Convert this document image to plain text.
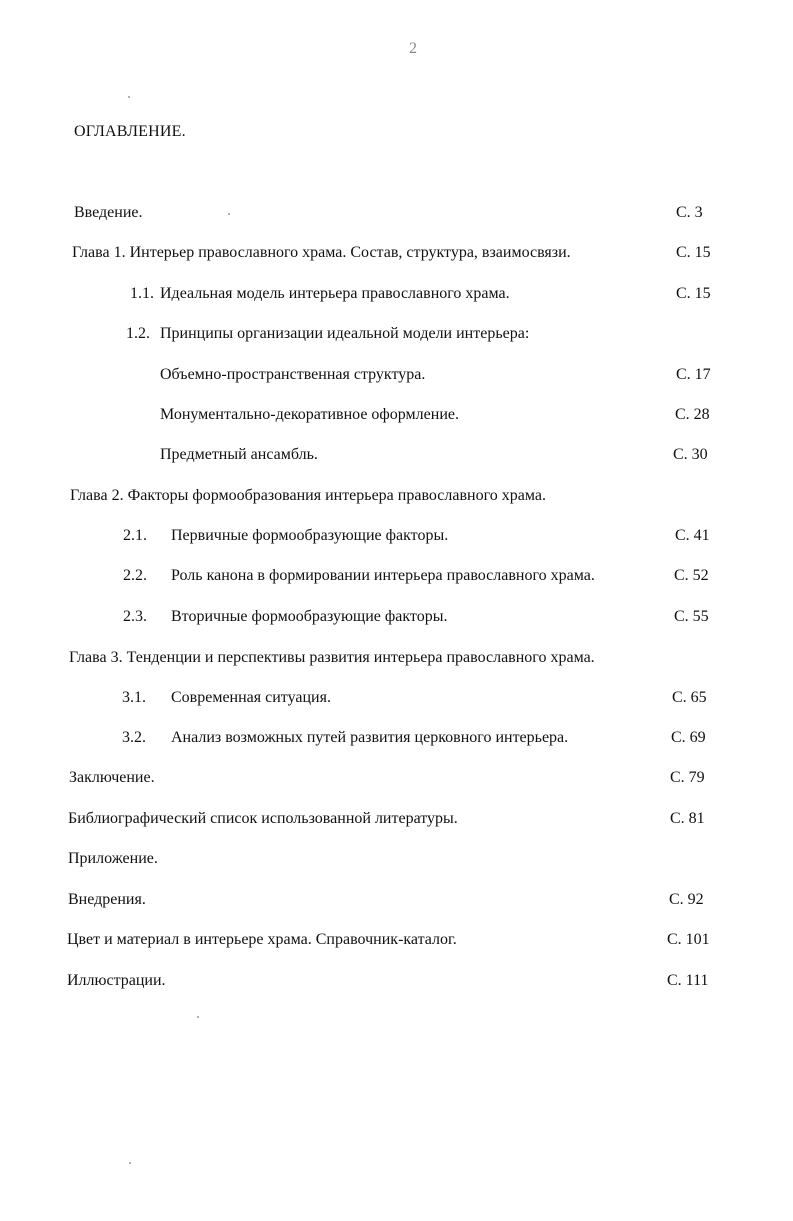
2
ОГЛАВЛЕНИЕ.
Введение.	С. 3
Глава 1. Интерьер православного храма. Состав, структура, взаимосвязи.	С. 15
1.1. Идеальная модель интерьера православного храма.	С. 15
1.2. Принципы организации идеальной модели интерьера:
Объемно-пространственная структура.	С. 17
Монументально-декоративное оформление.	С. 28
Предметный ансамбль.	С. 30
Глава 2. Факторы формообразования интерьера православного храма.
2.1. Первичные формообразующие факторы.	С. 41
2.2. Роль канона в формировании интерьера православного храма.	С. 52
2.3. Вторичные формообразующие факторы.	С. 55
Глава 3. Тенденции и перспективы развития интерьера православного храма.
3.1. Современная ситуация.	С. 65
3.2. Анализ возможных путей развития церковного интерьера.	С. 69
Заключение.	С. 79
Библиографический список использованной литературы.	С. 81
Приложение.
Внедрения.	С. 92
Цвет и материал в интерьере храма. Справочник-каталог.	С. 101
Иллюстрации.	С. 111
